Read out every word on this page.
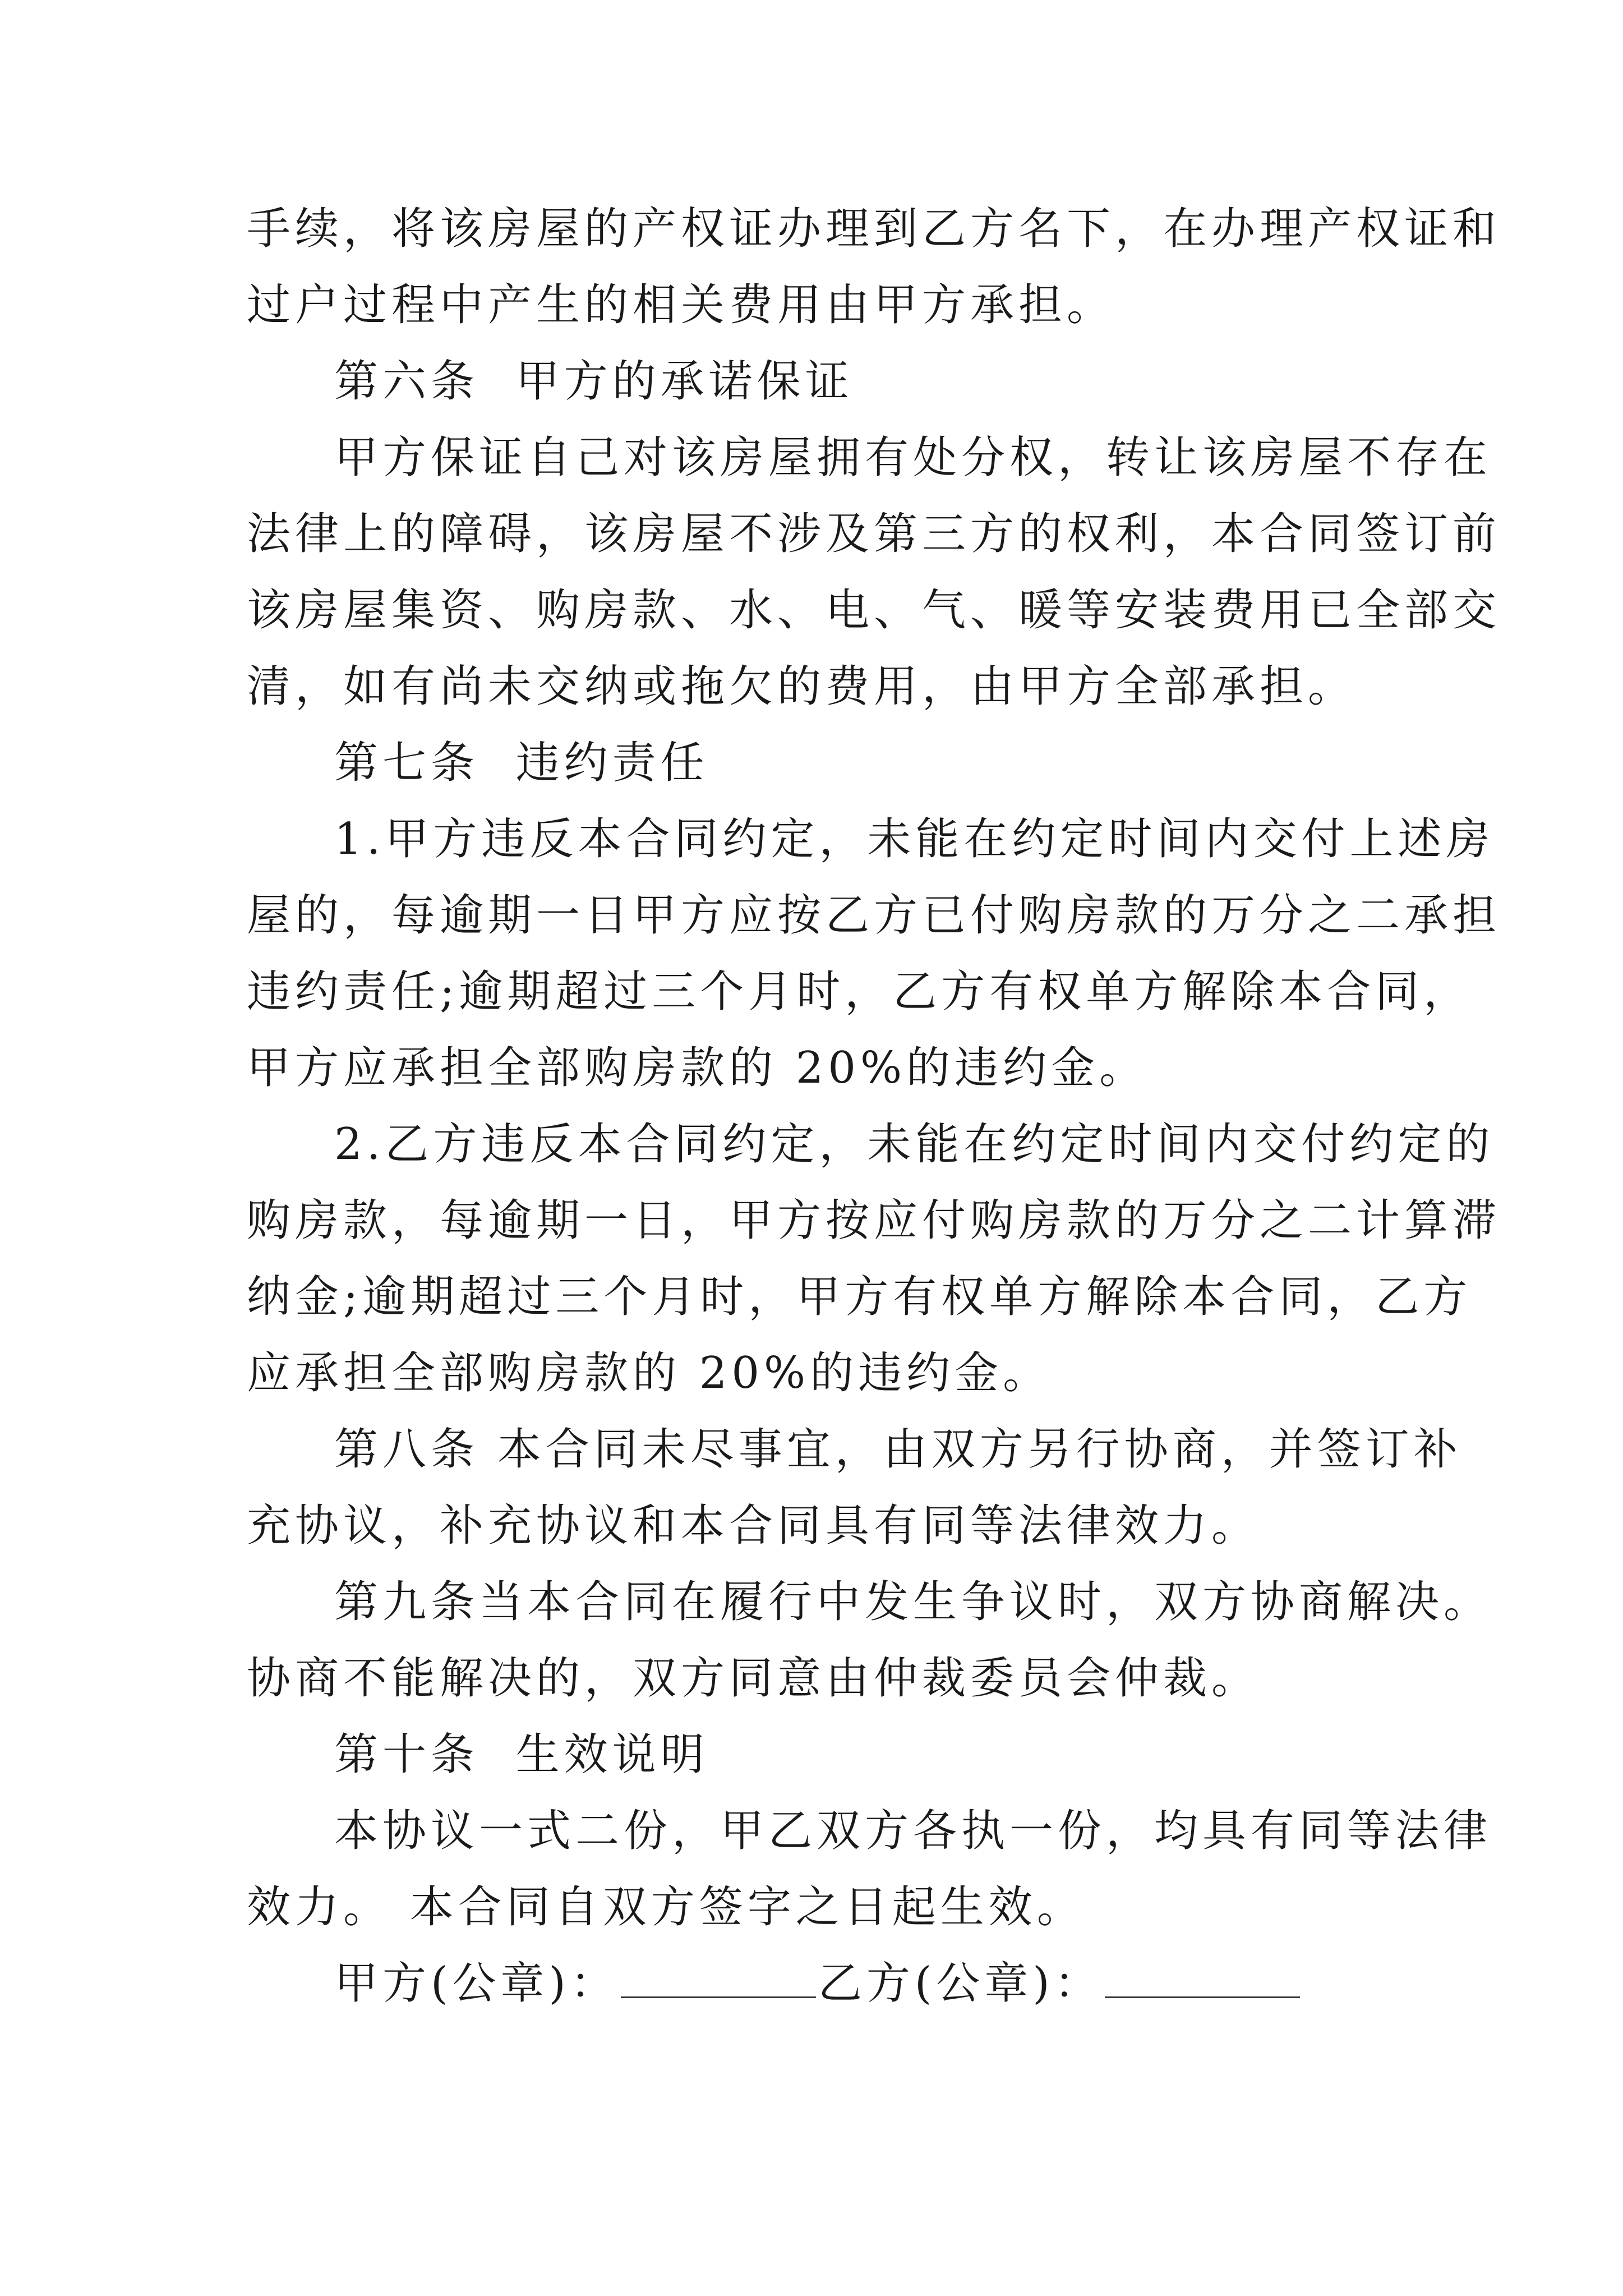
手续，将该房屋的产权证办理到乙方名下，在办理产权证和
过户过程中产生的相关费用由甲方承担。
第六条  甲方的承诺保证
甲方保证自己对该房屋拥有处分权，转让该房屋不存在
法律上的障碍，该房屋不涉及第三方的权利，本合同签订前
该房屋集资、购房款、水、电、气、暖等安装费用已全部交
清，如有尚未交纳或拖欠的费用，由甲方全部承担。
第七条  违约责任
1.甲方违反本合同约定，未能在约定时间内交付上述房
屋的，每逾期一日甲方应按乙方已付购房款的万分之二承担
违约责任;逾期超过三个月时，乙方有权单方解除本合同，
甲方应承担全部购房款的 20%的违约金。
2.乙方违反本合同约定，未能在约定时间内交付约定的
购房款，每逾期一日，甲方按应付购房款的万分之二计算滞
纳金;逾期超过三个月时，甲方有权单方解除本合同，乙方
应承担全部购房款的 20%的违约金。
第八条 本合同未尽事宜，由双方另行协商，并签订补
充协议，补充协议和本合同具有同等法律效力。
第九条当本合同在履行中发生争议时，双方协商解决。
协商不能解决的，双方同意由仲裁委员会仲裁。
第十条  生效说明
本协议一式二份，甲乙双方各执一份，均具有同等法律
效力。 本合同自双方签字之日起生效。
甲方(公章)：	乙方(公章)：
